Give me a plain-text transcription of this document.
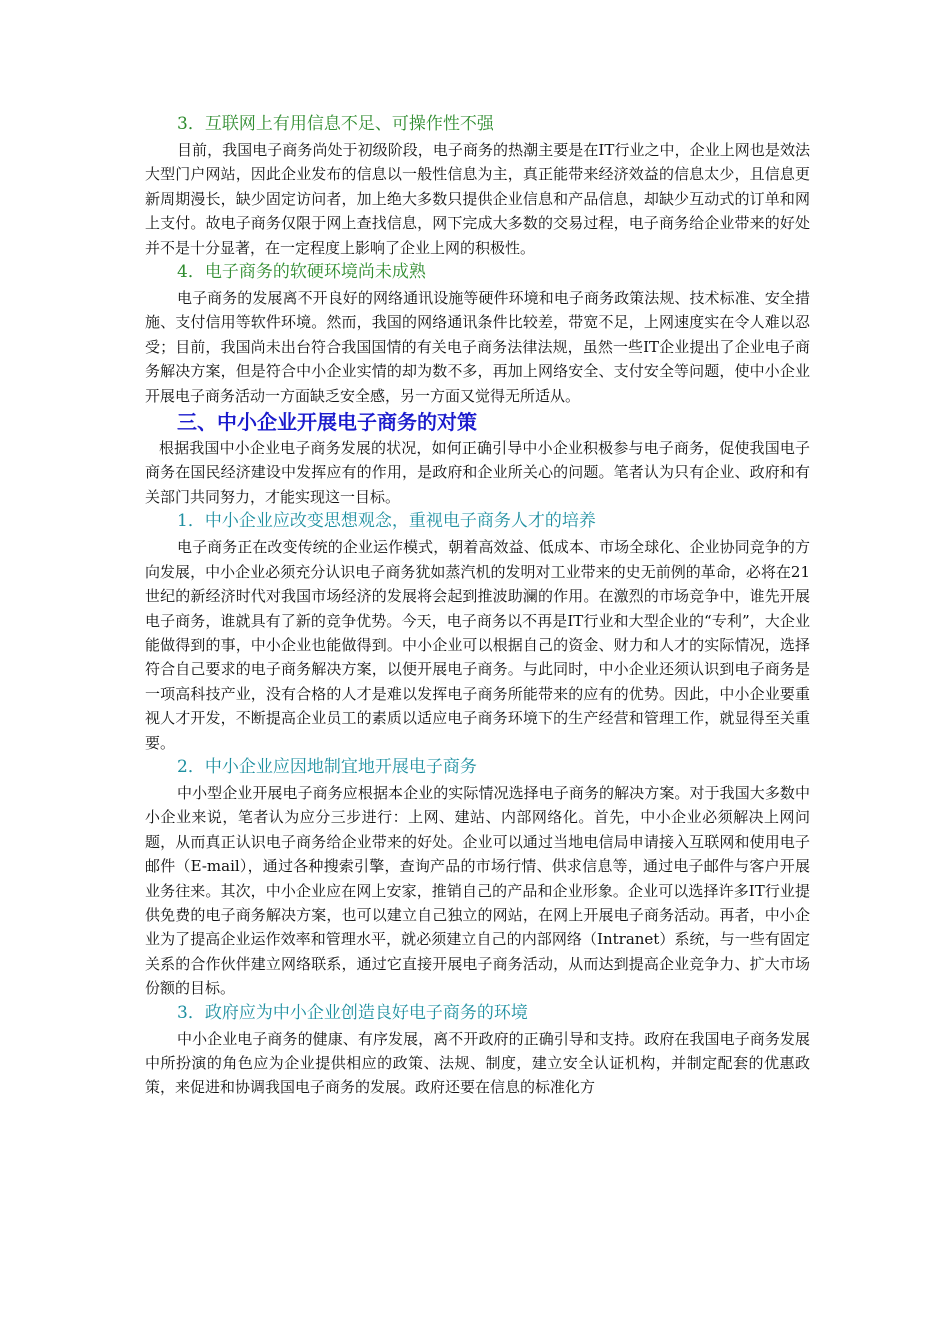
3．互联网上有用信息不足、可操作性不强
目前，我国电子商务尚处于初级阶段，电子商务的热潮主要是在IT行业之中，企业上网也是效法大型门户网站，因此企业发布的信息以一般性信息为主，真正能带来经济效益的信息太少，且信息更新周期漫长，缺少固定访问者，加上绝大多数只提供企业信息和产品信息，却缺少互动式的订单和网上支付。故电子商务仅限于网上查找信息，网下完成大多数的交易过程，电子商务给企业带来的好处并不是十分显著，在一定程度上影响了企业上网的积极性。
4．电子商务的软硬环境尚未成熟
电子商务的发展离不开良好的网络通讯设施等硬件环境和电子商务政策法规、技术标准、安全措施、支付信用等软件环境。然而，我国的网络通讯条件比较差，带宽不足，上网速度实在令人难以忍受；目前，我国尚未出台符合我国国情的有关电子商务法律法规，虽然一些IT企业提出了企业电子商务解决方案，但是符合中小企业实情的却为数不多，再加上网络安全、支付安全等问题，使中小企业开展电子商务活动一方面缺乏安全感，另一方面又觉得无所适从。
三、中小企业开展电子商务的对策
根据我国中小企业电子商务发展的状况，如何正确引导中小企业积极参与电子商务，促使我国电子商务在国民经济建设中发挥应有的作用，是政府和企业所关心的问题。笔者认为只有企业、政府和有关部门共同努力，才能实现这一目标。
1．中小企业应改变思想观念，重视电子商务人才的培养
电子商务正在改变传统的企业运作模式，朝着高效益、低成本、市场全球化、企业协同竞争的方向发展，中小企业必须充分认识电子商务犹如蒸汽机的发明对工业带来的史无前例的革命，必将在21世纪的新经济时代对我国市场经济的发展将会起到推波助澜的作用。在激烈的市场竞争中，谁先开展电子商务，谁就具有了新的竞争优势。今天，电子商务以不再是IT行业和大型企业的“专利”，大企业能做得到的事，中小企业也能做得到。中小企业可以根据自己的资金、财力和人才的实际情况，选择符合自己要求的电子商务解决方案，以便开展电子商务。与此同时，中小企业还须认识到电子商务是一项高科技产业，没有合格的人才是难以发挥电子商务所能带来的应有的优势。因此，中小企业要重视人才开发，不断提高企业员工的素质以适应电子商务环境下的生产经营和管理工作，就显得至关重要。
2．中小企业应因地制宜地开展电子商务
中小型企业开展电子商务应根据本企业的实际情况选择电子商务的解决方案。对于我国大多数中小企业来说，笔者认为应分三步进行：上网、建站、内部网络化。首先，中小企业必须解决上网问题，从而真正认识电子商务给企业带来的好处。企业可以通过当地电信局申请接入互联网和使用电子邮件（E-mail），通过各种搜索引擎，查询产品的市场行情、供求信息等，通过电子邮件与客户开展业务往来。其次，中小企业应在网上安家，推销自己的产品和企业形象。企业可以选择许多IT行业提供免费的电子商务解决方案，也可以建立自己独立的网站，在网上开展电子商务活动。再者，中小企业为了提高企业运作效率和管理水平，就必须建立自己的内部网络（Intranet）系统，与一些有固定关系的合作伙伴建立网络联系，通过它直接开展电子商务活动，从而达到提高企业竞争力、扩大市场份额的目标。
3．政府应为中小企业创造良好电子商务的环境
中小企业电子商务的健康、有序发展，离不开政府的正确引导和支持。政府在我国电子商务发展中所扮演的角色应为企业提供相应的政策、法规、制度，建立安全认证机构，并制定配套的优惠政策，来促进和协调我国电子商务的发展。政府还要在信息的标准化方
